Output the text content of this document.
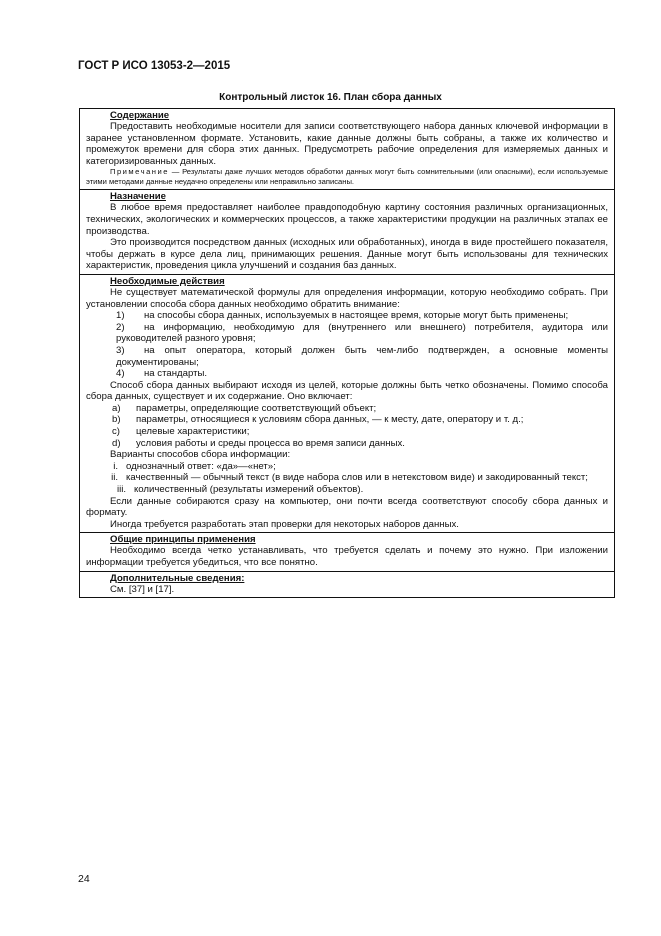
ГОСТ Р ИСО 13053-2—2015
Контрольный листок 16. План сбора данных
Содержание

Предоставить необходимые носители для записи соответствующего набора данных ключевой информации в заранее установленном формате. Установить, какие данные должны быть собраны, а также их количество и промежуток времени для сбора этих данных. Предусмотреть рабочие определения для измеряемых данных и категоризированных данных.

Примечание — Результаты даже лучших методов обработки данных могут быть сомнительными (или опасными), если используемые этими методами данные неудачно определены или неправильно записаны.

Назначение

В любое время предоставляет наиболее правдоподобную картину состояния различных организационных, технических, экологических и коммерческих процессов, а также характеристики продукции на различных этапах ее производства.

Это производится посредством данных (исходных или обработанных), иногда в виде простейшего показателя, чтобы держать в курсе дела лиц, принимающих решения. Данные могут быть использованы для технических характеристик, проведения цикла улучшений и создания баз данных.

Необходимые действия

Не существует математической формулы для определения информации, которую необходимо собрать. При установлении способа сбора данных необходимо обратить внимание:

1) на способы сбора данных, используемых в настоящее время, которые могут быть применены;
2) на информацию, необходимую для (внутреннего или внешнего) потребителя, аудитора или руководителей разного уровня;
3) на опыт оператора, который должен быть чем-либо подтвержден, а основные моменты документированы;
4) на стандарты.

Способ сбора данных выбирают исходя из целей, которые должны быть четко обозначены. Помимо способа сбора данных, существует и их содержание. Оно включает:

a) параметры, определяющие соответствующий объект;
b) параметры, относящиеся к условиям сбора данных, — к месту, дате, оператору и т. д.;
c) целевые характеристики;
d) условия работы и среды процесса во время записи данных.

Варианты способов сбора информации:

i. однозначный ответ: «да»—«нет»;
ii. качественный — обычный текст (в виде набора слов или в нетекстовом виде) и закодированный текст;
iii. количественный (результаты измерений объектов).

Если данные собираются сразу на компьютер, они почти всегда соответствуют способу сбора данных и формату.

Иногда требуется разработать этап проверки для некоторых наборов данных.

Общие принципы применения

Необходимо всегда четко устанавливать, что требуется сделать и почему это нужно. При изложении информации требуется убедиться, что все понятно.

Дополнительные сведения:

См. [37] и [17].

24
